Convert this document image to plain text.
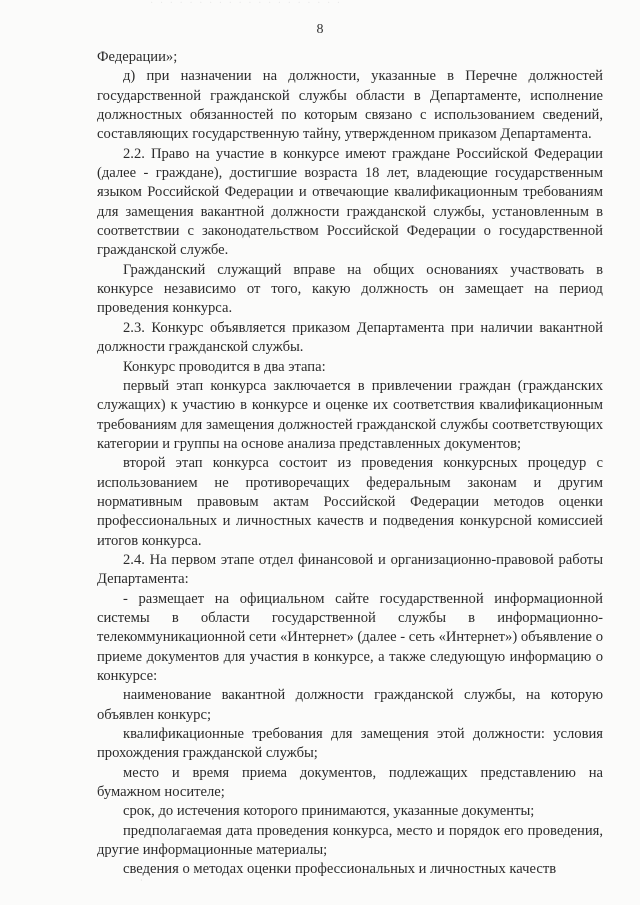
· · · · · · · · · · · · · · · · · · · ·
8

Федерации»;

д) при назначении на должности, указанные в Перечне должностей государственной гражданской службы области в Департаменте, исполнение должностных обязанностей по которым связано с использованием сведений, составляющих государственную тайну, утвержденном приказом Департамента.

2.2. Право на участие в конкурсе имеют граждане Российской Федерации (далее - граждане), достигшие возраста 18 лет, владеющие государственным языком Российской Федерации и отвечающие квалификационным требованиям для замещения вакантной должности гражданской службы, установленным в соответствии с законодательством Российской Федерации о государственной гражданской службе.

Гражданский служащий вправе на общих основаниях участвовать в конкурсе независимо от того, какую должность он замещает на период проведения конкурса.

2.3. Конкурс объявляется приказом Департамента при наличии вакантной должности гражданской службы.

Конкурс проводится в два этапа:

первый этап конкурса заключается в привлечении граждан (гражданских служащих) к участию в конкурсе и оценке их соответствия квалификационным требованиям для замещения должностей гражданской службы соответствующих категории и группы на основе анализа представленных документов;

второй этап конкурса состоит из проведения конкурсных процедур с использованием не противоречащих федеральным законам и другим нормативным правовым актам Российской Федерации методов оценки профессиональных и личностных качеств и подведения конкурсной комиссией итогов конкурса.

2.4. На первом этапе отдел финансовой и организационно-правовой работы Департамента:

- размещает на официальном сайте государственной информационной системы в области государственной службы в информационно-телекоммуникационной сети «Интернет» (далее - сеть «Интернет») объявление о приеме документов для участия в конкурсе, а также следующую информацию о конкурсе:

наименование вакантной должности гражданской службы, на которую объявлен конкурс;

квалификационные требования для замещения этой должности: условия прохождения гражданской службы;

место и время приема документов, подлежащих представлению на бумажном носителе;

срок, до истечения которого принимаются, указанные документы;

предполагаемая дата проведения конкурса, место и порядок его проведения, другие информационные материалы;

сведения о методах оценки профессиональных и личностных качеств

·
